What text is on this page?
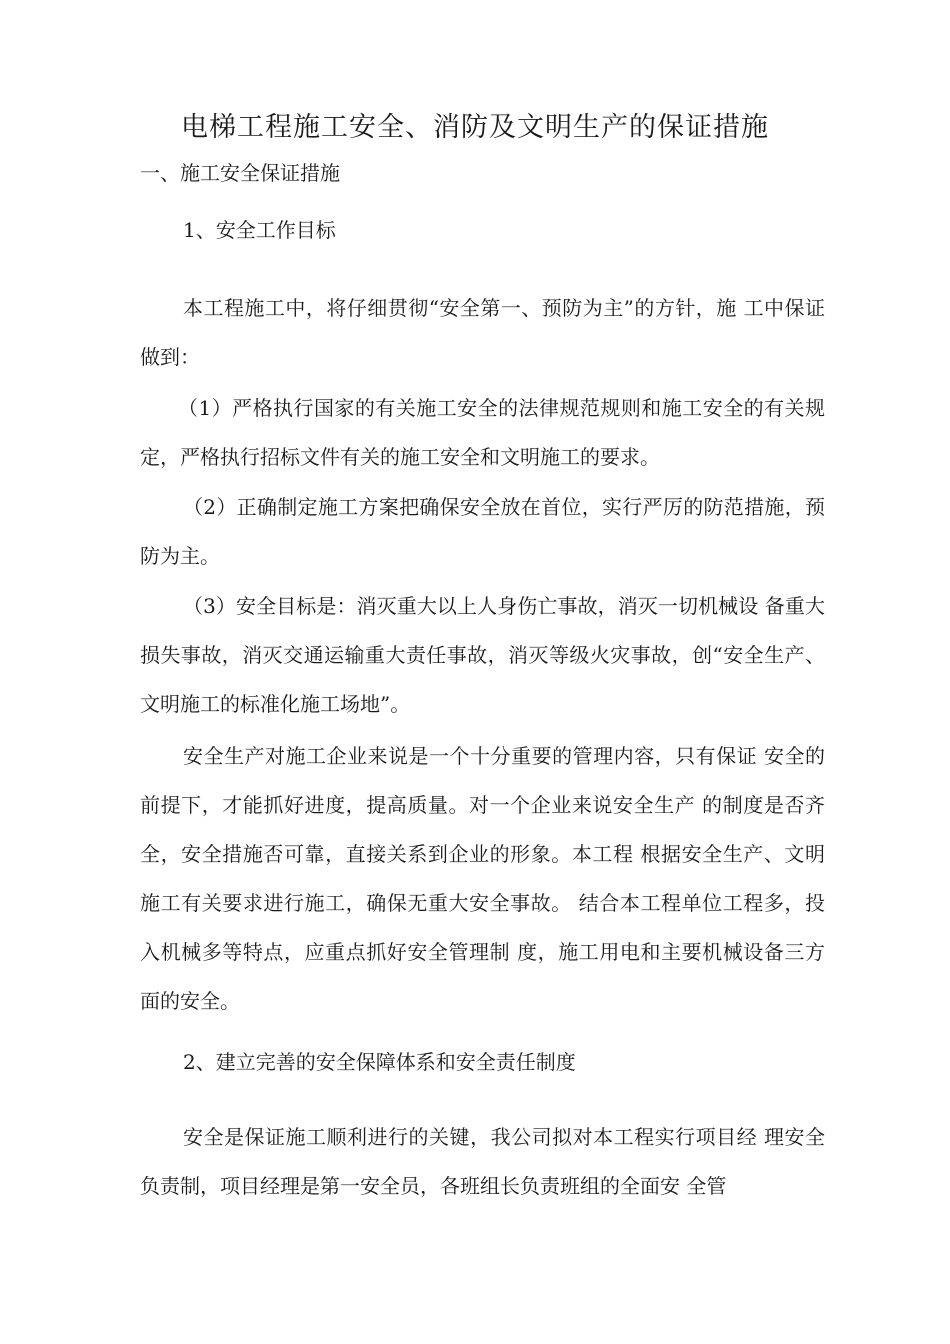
电梯工程施工安全、消防及文明生产的保证措施
一、施工安全保证措施
1、安全工作目标

本工程施工中，将仔细贯彻“安全第一、预防为主”的方针，施 工中保证做到：

（1）严格执行国家的有关施工安全的法律规范规则和施工安全的有关规定，严格执行招标文件有关的施工安全和文明施工的要求。

（2）正确制定施工方案把确保安全放在首位，实行严厉的防范措施，预防为主。

（3）安全目标是：消灭重大以上人身伤亡事故，消灭一切机械设 备重大损失事故，消灭交通运输重大责任事故，消灭等级火灾事故，创“安全生产、文明施工的标准化施工场地”。

安全生产对施工企业来说是一个十分重要的管理内容，只有保证 安全的前提下，才能抓好进度，提高质量。对一个企业来说安全生产 的制度是否齐全，安全措施否可靠，直接关系到企业的形象。本工程 根据安全生产、文明施工有关要求进行施工，确保无重大安全事故。 结合本工程单位工程多，投入机械多等特点，应重点抓好安全管理制 度，施工用电和主要机械设备三方面的安全。

2、建立完善的安全保障体系和安全责任制度

安全是保证施工顺利进行的关键，我公司拟对本工程实行项目经 理安全负责制，项目经理是第一安全员，各班组长负责班组的全面安 全管
